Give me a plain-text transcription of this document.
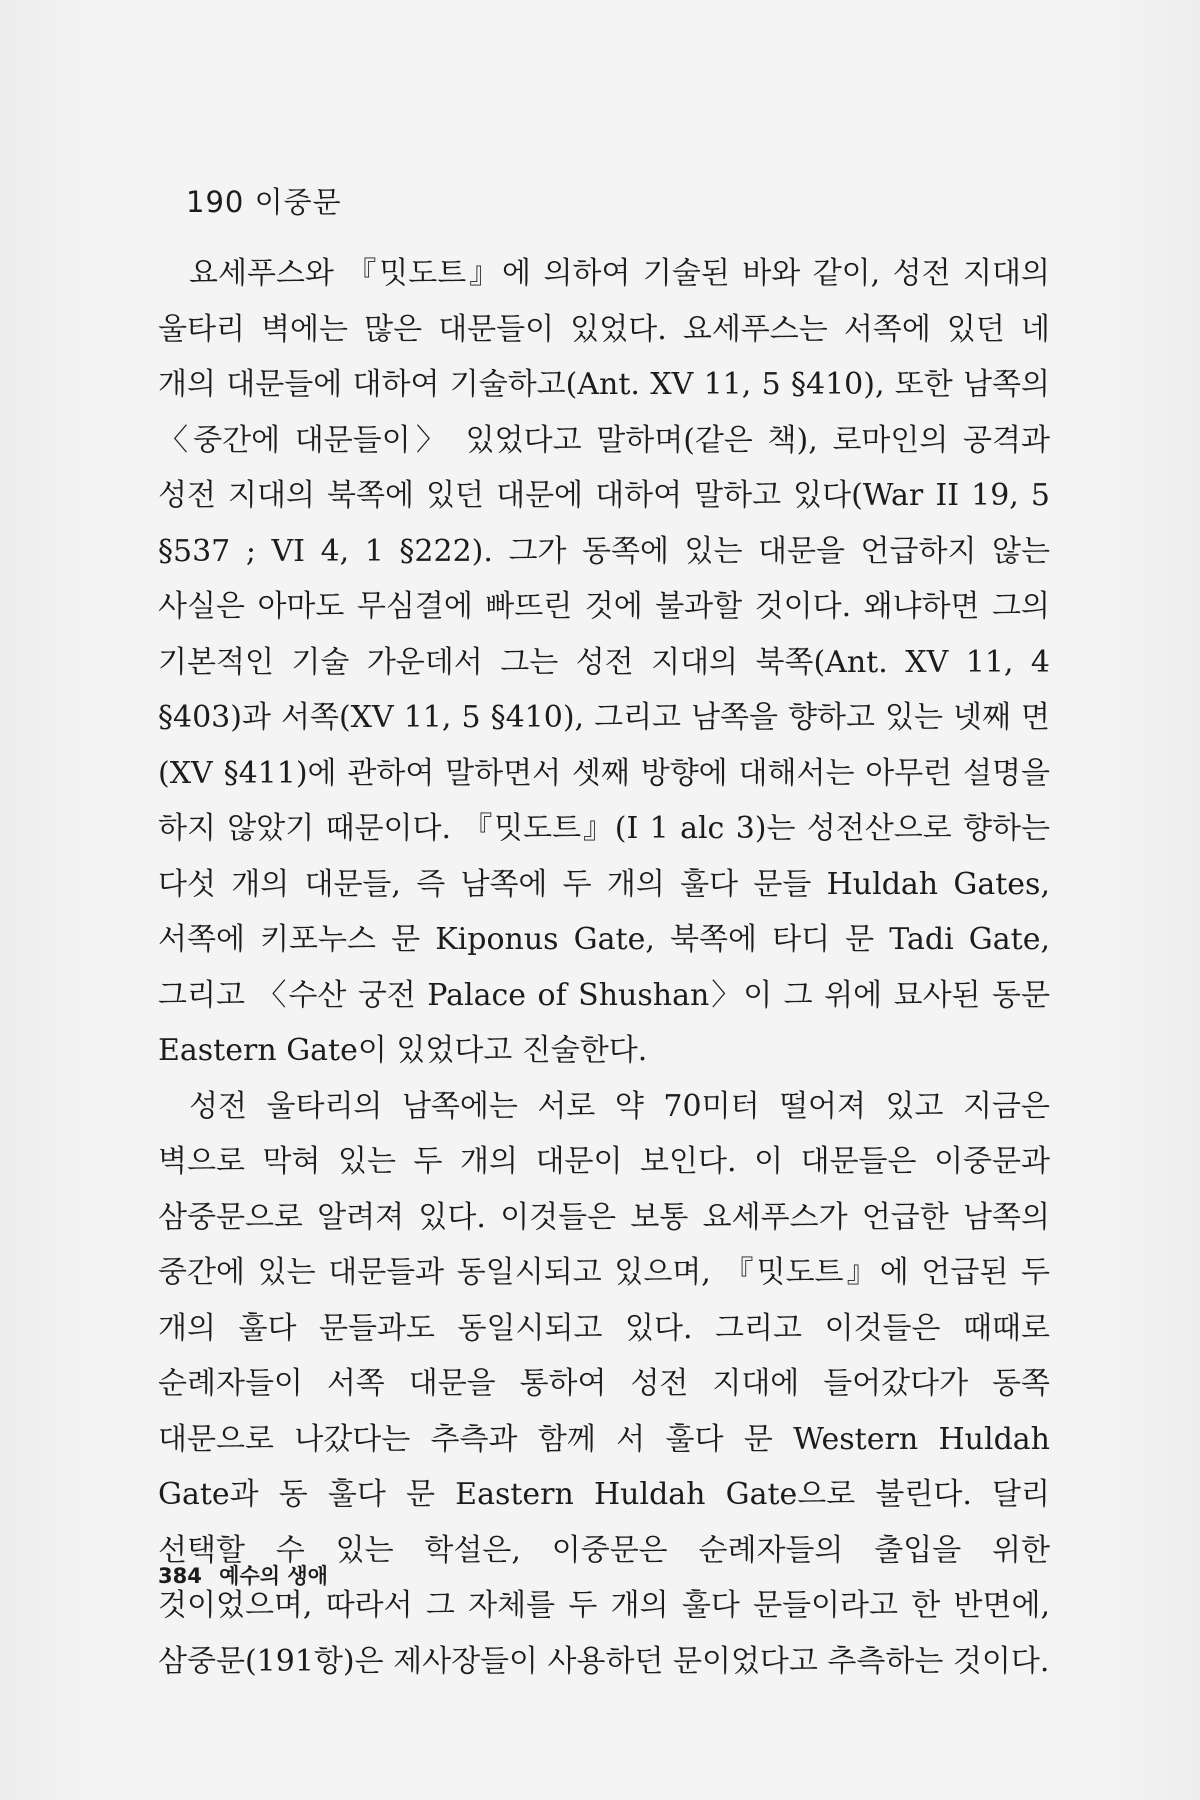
190 이중문

요세푸스와 『밋도트』에 의하여 기술된 바와 같이, 성전 지대의 울타리 벽에는 많은 대문들이 있었다. 요세푸스는 서쪽에 있던 네 개의 대문들에 대하여 기술하고(Ant. XV 11, 5 §410), 또한 남쪽의 〈중간에 대문들이〉 있었다고 말하며(같은 책), 로마인의 공격과 성전 지대의 북쪽에 있던 대문에 대하여 말하고 있다(War II 19, 5 §537 ; VI 4, 1 §222). 그가 동쪽에 있는 대문을 언급하지 않는 사실은 아마도 무심결에 빠뜨린 것에 불과할 것이다. 왜냐하면 그의 기본적인 기술 가운데서 그는 성전 지대의 북쪽(Ant. XV 11, 4 §403)과 서쪽(XV 11, 5 §410), 그리고 남쪽을 향하고 있는 넷째 면(XV §411)에 관하여 말하면서 셋째 방향에 대해서는 아무런 설명을 하지 않았기 때문이다. 『밋도트』(I 1 alc 3)는 성전산으로 향하는 다섯 개의 대문들, 즉 남쪽에 두 개의 훌다 문들 Huldah Gates, 서쪽에 키포누스 문 Kiponus Gate, 북쪽에 타디 문 Tadi Gate, 그리고 〈수산 궁전 Palace of Shushan〉이 그 위에 묘사된 동문 Eastern Gate이 있었다고 진술한다.

성전 울타리의 남쪽에는 서로 약 70미터 떨어져 있고 지금은 벽으로 막혀 있는 두 개의 대문이 보인다. 이 대문들은 이중문과 삼중문으로 알려져 있다. 이것들은 보통 요세푸스가 언급한 남쪽의 중간에 있는 대문들과 동일시되고 있으며, 『밋도트』에 언급된 두 개의 훌다 문들과도 동일시되고 있다. 그리고 이것들은 때때로 순례자들이 서쪽 대문을 통하여 성전 지대에 들어갔다가 동쪽 대문으로 나갔다는 추측과 함께 서 훌다 문 Western Huldah Gate과 동 훌다 문 Eastern Huldah Gate으로 불린다. 달리 선택할 수 있는 학설은, 이중문은 순례자들의 출입을 위한 것이었으며, 따라서 그 자체를 두 개의 훌다 문들이라고 한 반면에, 삼중문(191항)은 제사장들이 사용하던 문이었다고 추측하는 것이다.

384 예수의 생애
